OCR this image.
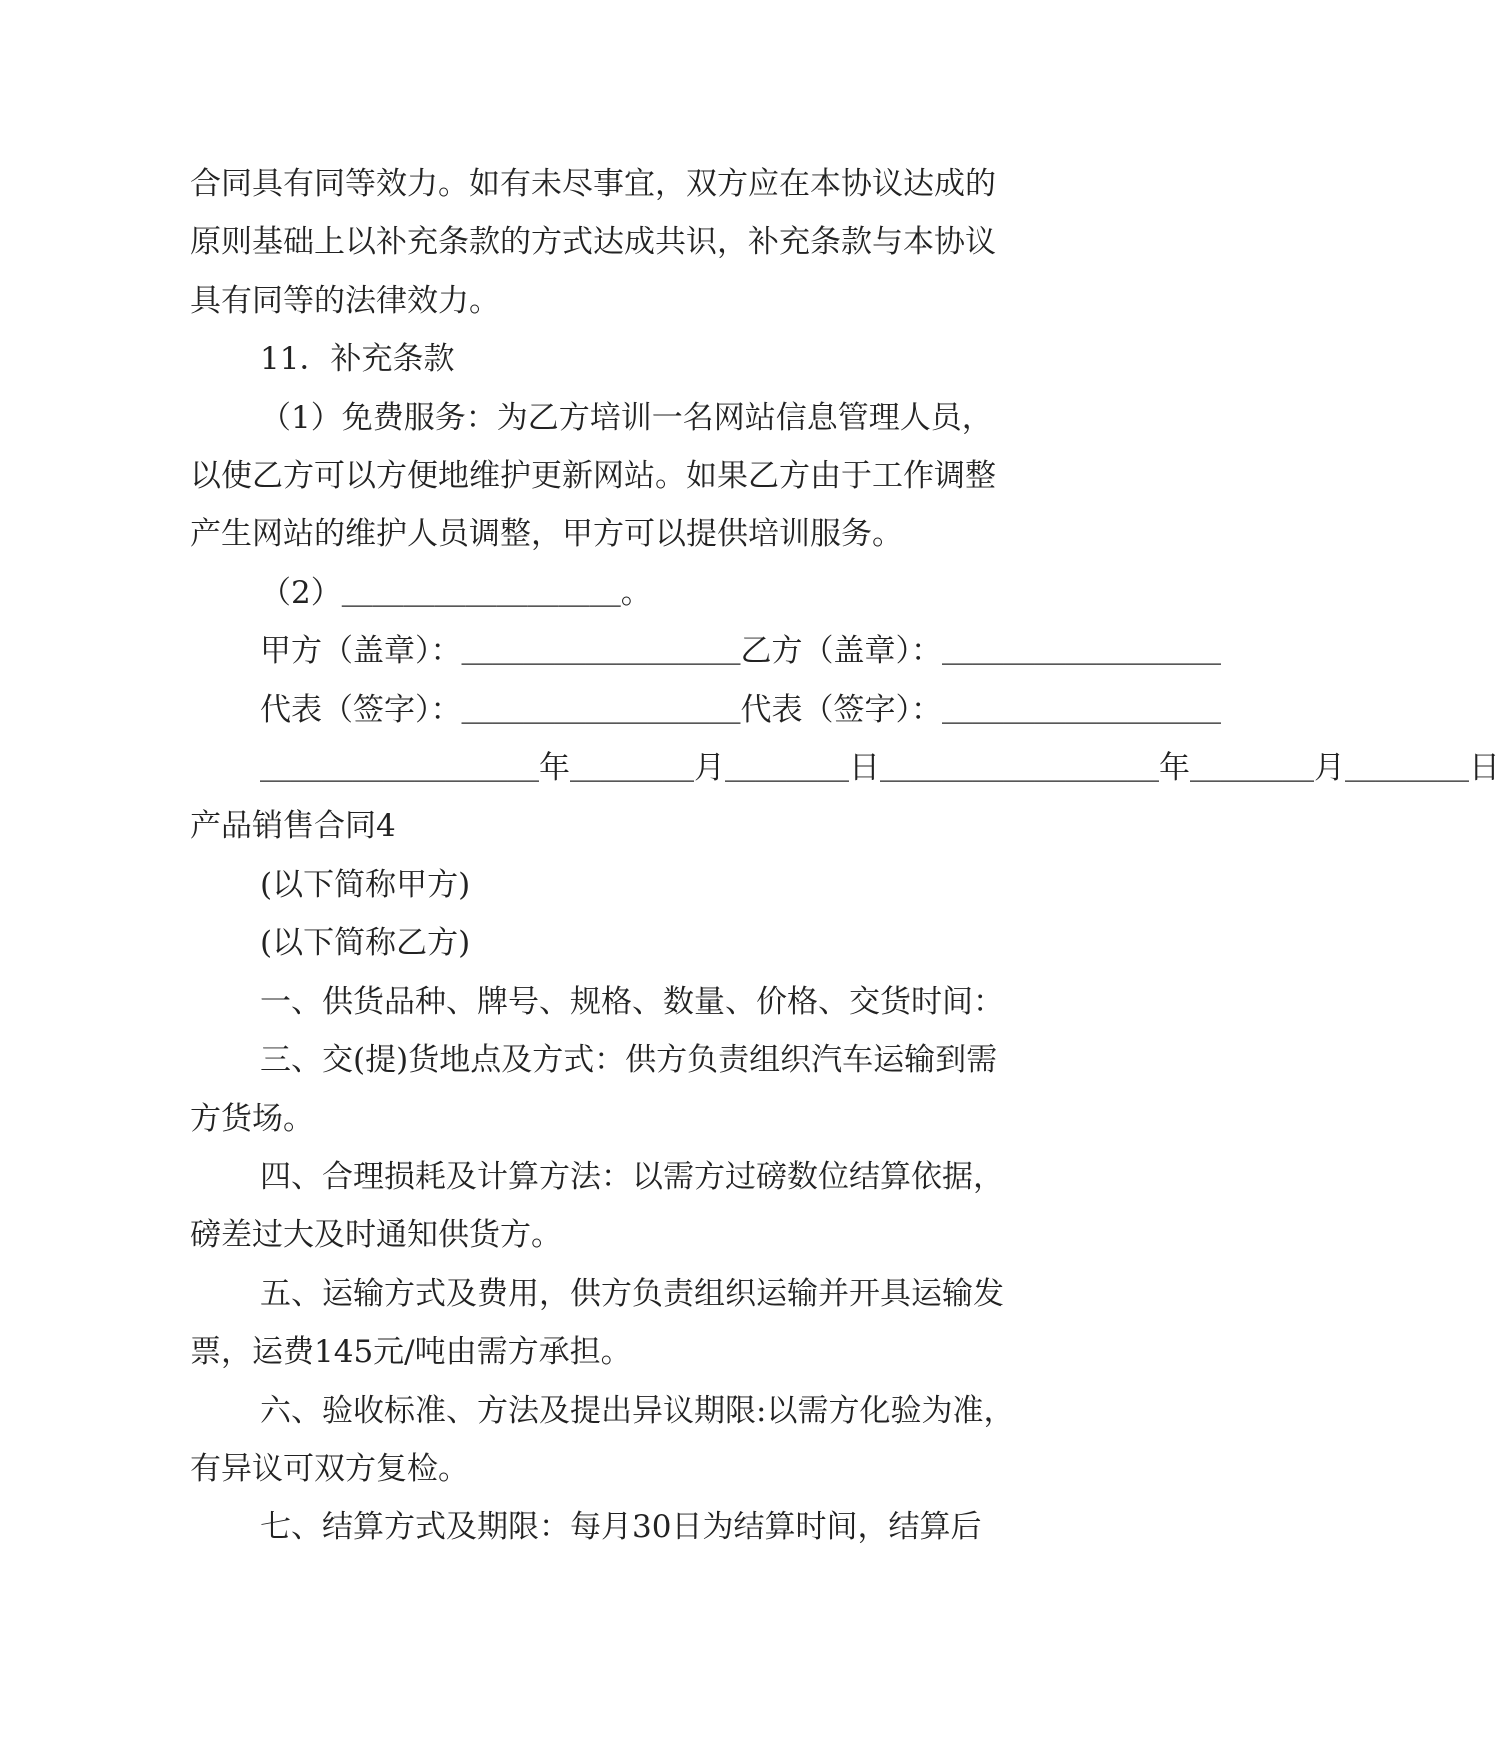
合同具有同等效力。如有未尽事宜，双方应在本协议达成的

原则基础上以补充条款的方式达成共识，补充条款与本协议

具有同等的法律效力。

11．补充条款

（1）免费服务：为乙方培训一名网站信息管理人员，

以使乙方可以方便地维护更新网站。如果乙方由于工作调整

产生网站的维护人员调整，甲方可以提供培训服务。

（2）＿＿＿＿＿＿＿＿＿。

甲方（盖章）：＿＿＿＿＿＿＿＿＿乙方（盖章）：＿＿＿＿＿＿＿＿＿

代表（签字）：＿＿＿＿＿＿＿＿＿代表（签字）：＿＿＿＿＿＿＿＿＿

＿＿＿＿＿＿＿＿＿年＿＿＿＿月＿＿＿＿日＿＿＿＿＿＿＿＿＿年＿＿＿＿月＿＿＿＿日

产品销售合同4

(以下简称甲方)

(以下简称乙方)

一、供货品种、牌号、规格、数量、价格、交货时间：

三、交(提)货地点及方式：供方负责组织汽车运输到需

方货场。

四、合理损耗及计算方法：以需方过磅数位结算依据，

磅差过大及时通知供货方。

五、运输方式及费用，供方负责组织运输并开具运输发

票，运费145元/吨由需方承担。

六、验收标准、方法及提出异议期限:以需方化验为准，

有异议可双方复检。

七、结算方式及期限：每月30日为结算时间，结算后
